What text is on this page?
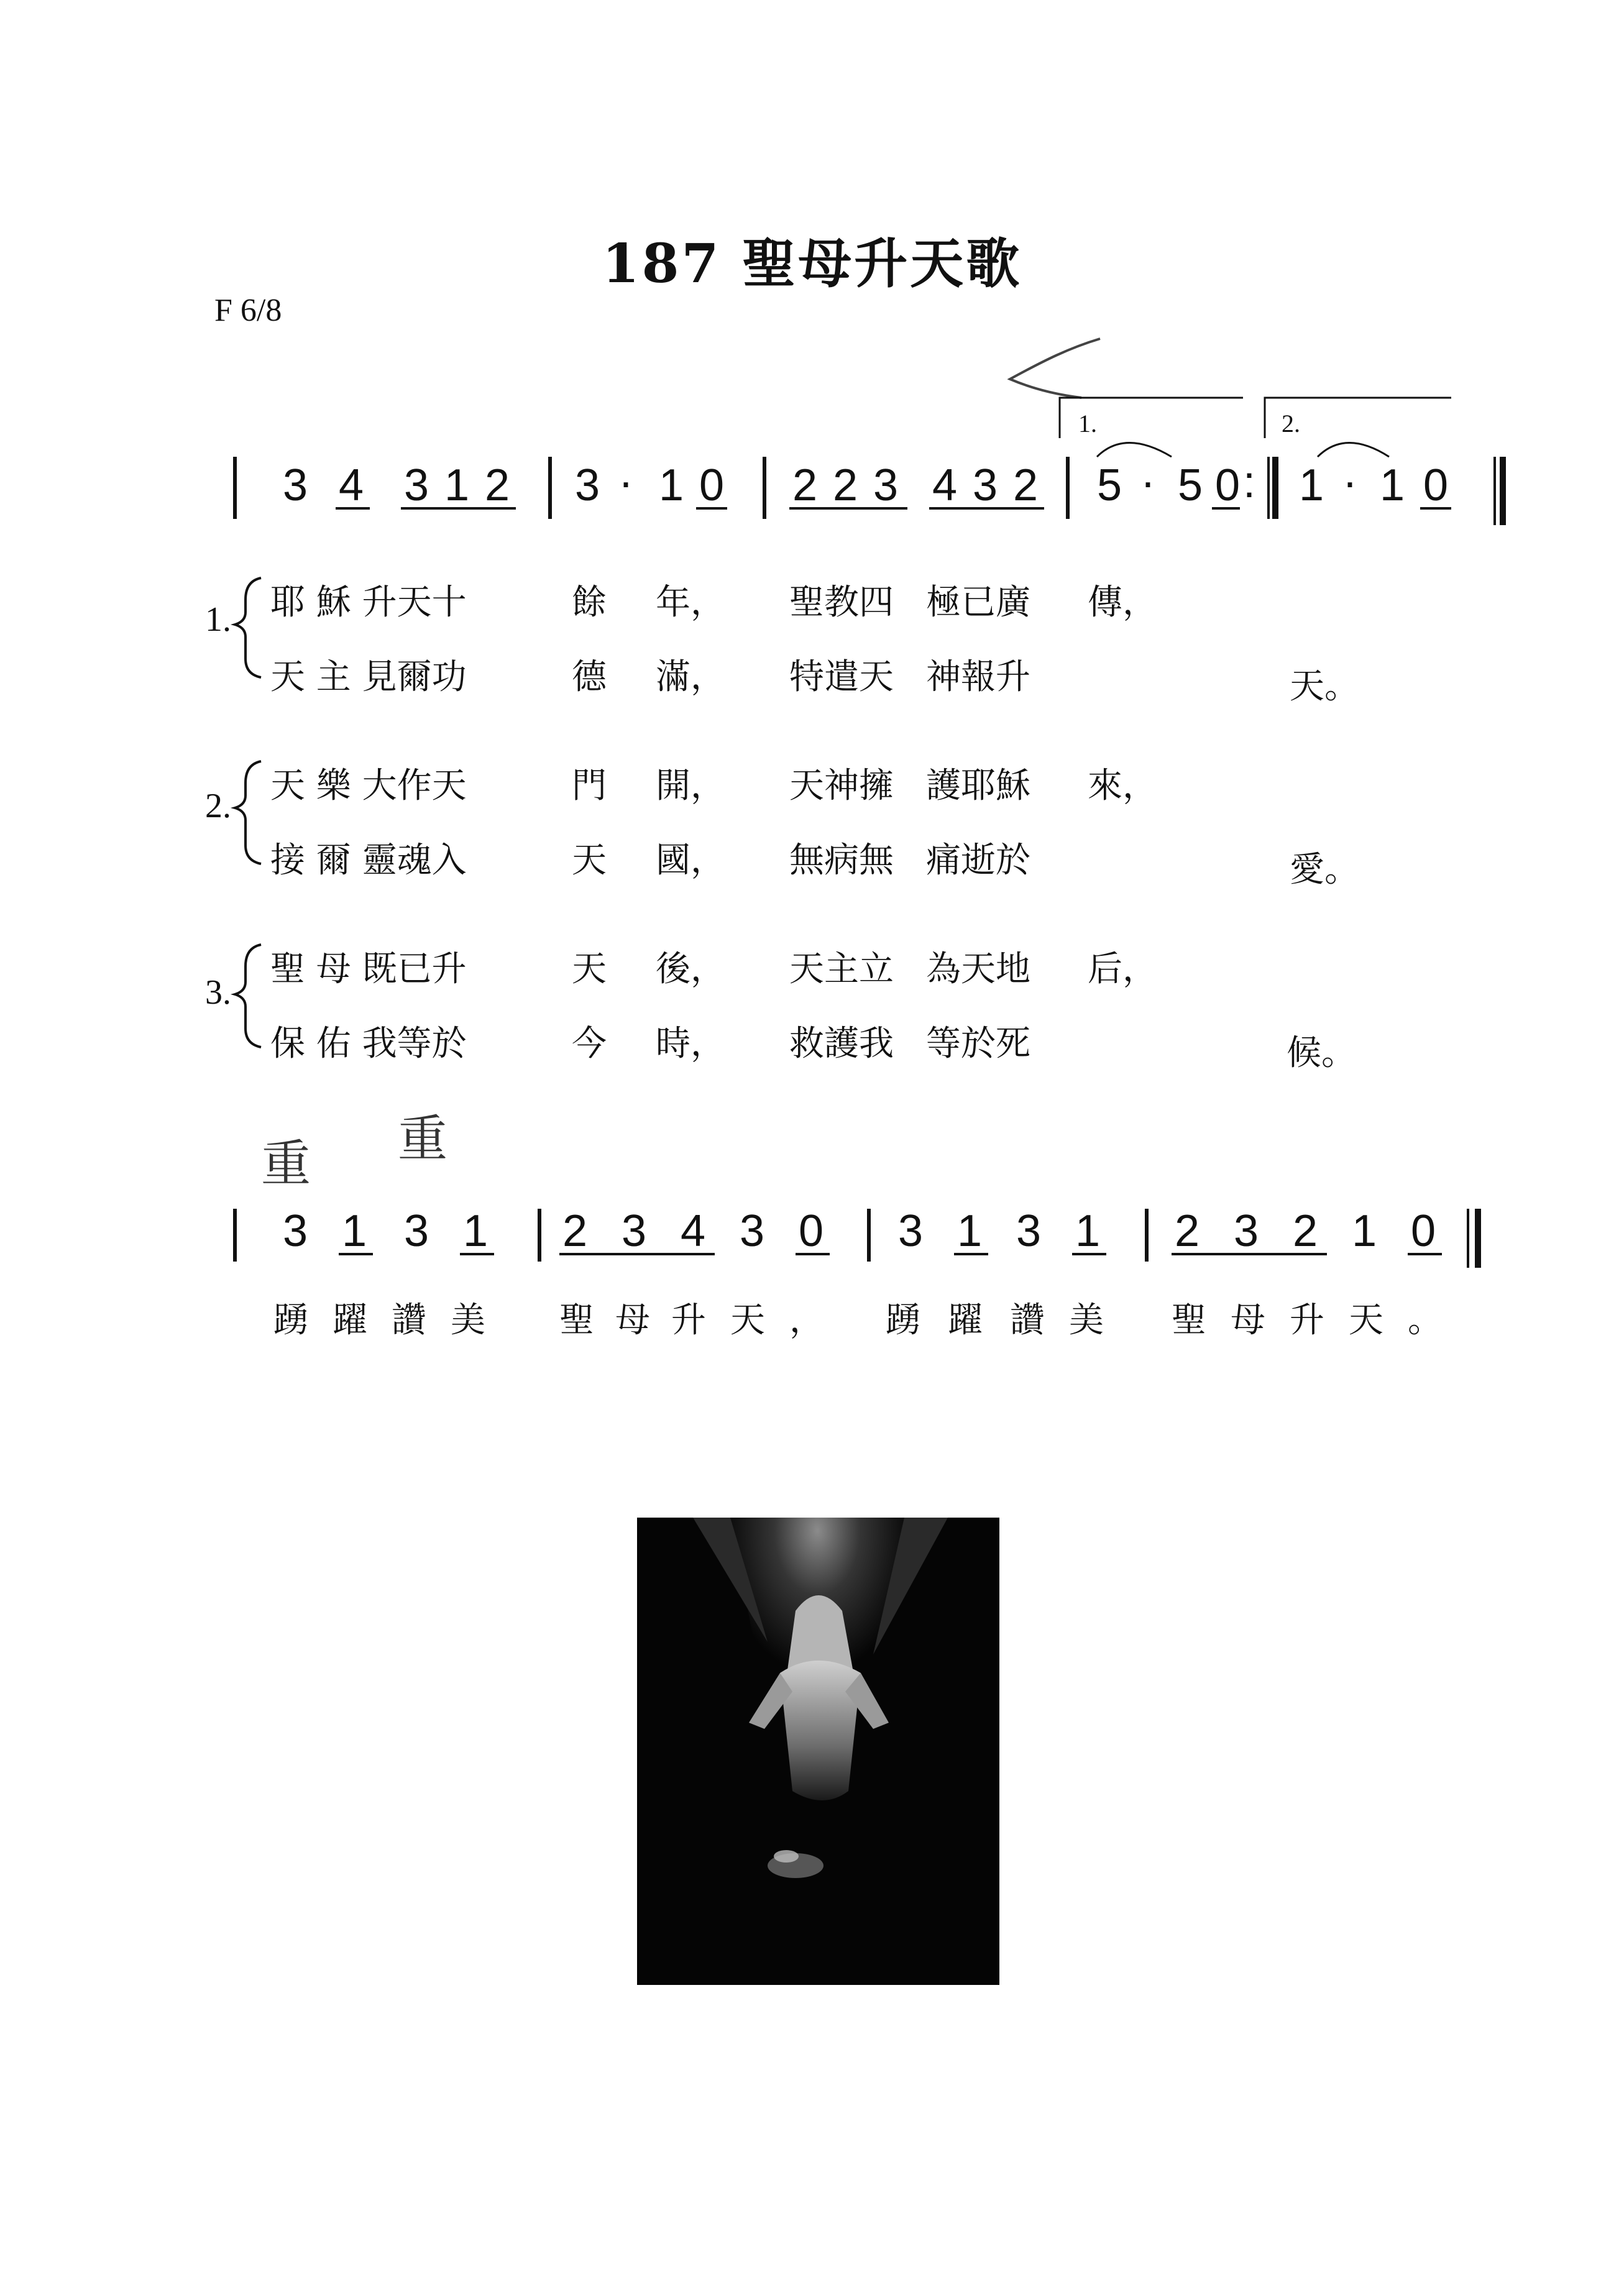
187 聖母升天歌
F 6/8
1.	2.
3 4 3 1 2 3 · 1 0 2 2 3 4 3 2 5 · 5 0 : 1 · 1 0
重 重
3 1 3 1 2 3 4 3 0 3 1 3 1 2 3 2 1 0
1.
2.
3.
耶 穌 升天十	餘 年， 聖教四 極已廣 傳，
天 主 見爾功	德 滿， 特遣天 神報升	天。
天 樂 大作天	門 開， 天神擁 護耶穌 來，
接 爾 靈魂入	天 國， 無病無 痛逝於	愛。
聖 母 既已升	天 後， 天主立 為天地 后，
保 佑 我等於	今 時， 救護我 等於死	候。
踴 躍 讚 美 聖 母 升 天 ， 踴 躍 讚 美 聖 母 升 天 。
